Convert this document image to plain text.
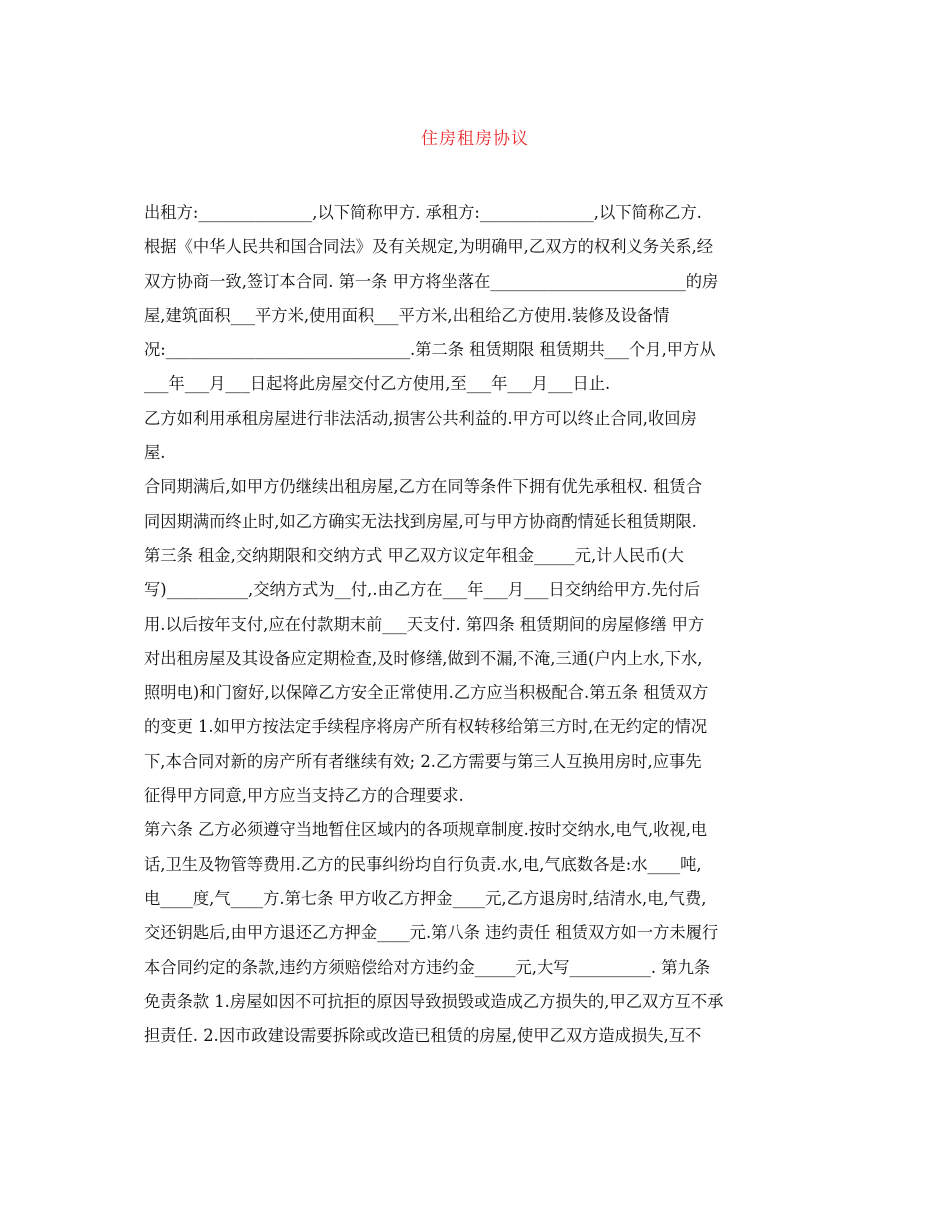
住房租房协议
出租方:______________,以下简称甲方. 承租方:______________,以下简称乙方.
根据《中华人民共和国合同法》及有关规定,为明确甲,乙双方的权利义务关系,经
双方协商一致,签订本合同. 第一条 甲方将坐落在________________________的房
屋,建筑面积___平方米,使用面积___平方米,出租给乙方使用.装修及设备情
况:______________________________.第二条 租赁期限 租赁期共___个月,甲方从
___年___月___日起将此房屋交付乙方使用,至___年___月___日止.
乙方如利用承租房屋进行非法活动,损害公共利益的.甲方可以终止合同,收回房
屋.
合同期满后,如甲方仍继续出租房屋,乙方在同等条件下拥有优先承租权. 租赁合
同因期满而终止时,如乙方确实无法找到房屋,可与甲方协商酌情延长租赁期限.
第三条 租金,交纳期限和交纳方式 甲乙双方议定年租金_____元,计人民币(大
写)__________,交纳方式为__付,.由乙方在___年___月___日交纳给甲方.先付后
用.以后按年支付,应在付款期末前___天支付. 第四条 租赁期间的房屋修缮 甲方
对出租房屋及其设备应定期检查,及时修缮,做到不漏,不淹,三通(户内上水,下水,
照明电)和门窗好,以保障乙方安全正常使用.乙方应当积极配合.第五条 租赁双方
的变更 1.如甲方按法定手续程序将房产所有权转移给第三方时,在无约定的情况
下,本合同对新的房产所有者继续有效; 2.乙方需要与第三人互换用房时,应事先
征得甲方同意,甲方应当支持乙方的合理要求.
第六条 乙方必须遵守当地暂住区域内的各项规章制度.按时交纳水,电气,收视,电
话,卫生及物管等费用.乙方的民事纠纷均自行负责.水,电,气底数各是:水____吨,
电____度,气____方.第七条 甲方收乙方押金____元,乙方退房时,结清水,电,气费,
交还钥匙后,由甲方退还乙方押金____元.第八条 违约责任 租赁双方如一方未履行
本合同约定的条款,违约方须赔偿给对方违约金_____元,大写__________. 第九条
免责条款 1.房屋如因不可抗拒的原因导致损毁或造成乙方损失的,甲乙双方互不承
担责任. 2.因市政建设需要拆除或改造已租赁的房屋,使甲乙双方造成损失,互不
